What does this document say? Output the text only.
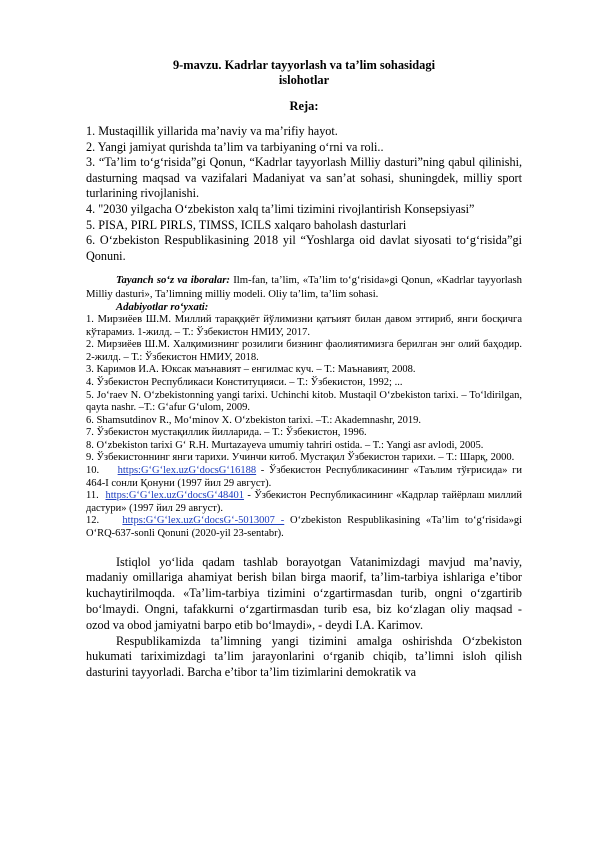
9-mavzu. Kadrlar tayyorlash va ta’lim sohasidagi
islohotlar
Reja:

1. Mustaqillik yillarida ma’naviy va ma’rifiy hayot.

2. Yangi jamiyat qurishda ta’lim va tarbiyaning o‘rni va roli..

3. “Ta’lim to‘g‘risida”gi Qonun, “Kadrlar tayyorlash Milliy dasturi”ning qabul qilinishi, dasturning maqsad va vazifalari Madaniyat va san’at sohasi, shuningdek, milliy sport turlarining rivojlanishi.

4. "2030 yilgacha O‘zbekiston xalq ta’limi tizimini rivojlantirish Konsepsiyasi”

5. PISA, PIRL PIRLS, TIMSS, ICILS xalqaro baholash dasturlari

6. O‘zbekiston Respublikasining 2018 yil “Yoshlarga oid davlat siyosati to‘g‘risida”gi Qonuni.

Tayanch so‘z va iboralar: Ilm-fan, ta’lim, «Ta’lim to‘g‘risida»gi Qonun, «Kadrlar tayyorlash Milliy dasturi», Ta’limning milliy modeli. Oliy ta’lim, ta’lim sohasi.

Adabiyotlar ro‘yxati:

1. Мирзиёев Ш.М. Миллий тараққиёт йўлимизни қатъият билан давом эттириб, янги босқичга кўтарамиз. 1-жилд. – Т.: Ўзбекистон НМИУ, 2017.

2. Мирзиёев Ш.М. Халқимизнинг розилиги бизнинг фаолиятимизга берилган энг олий баҳодир. 2-жилд. – Т.: Ўзбекистон НМИУ, 2018.

3. Каримов И.А. Юксак маънавият – енгилмас куч. – Т.: Маънавият, 2008.

4. Ўзбекистон Республикаси Конституцияси. – Т.: Ўзбекистон, 1992; ...

5. Jo‘raev N. O‘zbekistonning yangi tarixi. Uchinchi kitob. Mustaqil O‘zbekiston tarixi. – To‘ldirilgan, qayta nashr. –T.: G‘afur G‘ulom, 2009.

6. Shamsutdinov R., Mo‘minov X. O‘zbekiston tarixi. –T.: Akademnashr, 2019.

7. Ўзбекистон мустақиллик йилларида. – Т.: Ўзбекистон, 1996.

8. O‘zbekiston tarixi G‘ R.H. Murtazayeva umumiy tahriri ostida. – T.: Yangi asr avlodi, 2005.

9. Ўзбекистоннинг янги тарихи. Учинчи китоб. Мустақил Ўзбекистон тарихи. – Т.: Шарқ, 2000.

10. https:G‘G‘lex.uzG‘docsG‘16188 - Ўзбекистон Республикасининг «Таълим тўғрисида» ги 464-I сонли Қонуни (1997 йил 29 август).

11. https:G‘G‘lex.uzG‘docsG‘48401 - Ўзбекистон Республикасининг «Кадрлар тайёрлаш миллий дастури» (1997 йил 29 август).

12. https:G‘G‘lex.uzG‘docsG‘-5013007 - O‘zbekiston Respublikasining «Ta’lim to‘g‘risida»gi O‘RQ-637-sonli Qonuni (2020-yil 23-sentabr).

Istiqlol yo‘lida qadam tashlab borayotgan Vatanimizdagi mavjud ma’naviy, madaniy omillariga ahamiyat berish bilan birga maorif, ta’lim-tarbiya ishlariga e’tibor kuchaytirilmoqda. «Ta’lim-tarbiya tizimini o‘zgartirmasdan turib, ongni o‘zgartirib bo‘lmaydi. Ongni, tafakkurni o‘zgartirmasdan turib esa, biz ko‘zlagan oliy maqsad - ozod va obod jamiyatni barpo etib bo‘lmaydi», - deydi I.A. Karimov.

Respublikamizda ta’limning yangi tizimini amalga oshirishda O‘zbekiston hukumati tariximizdagi ta’lim jarayonlarini o‘rganib chiqib, ta’limni isloh qilish dasturini tayyorladi. Barcha e’tibor ta’lim tizimlarini demokratik va
